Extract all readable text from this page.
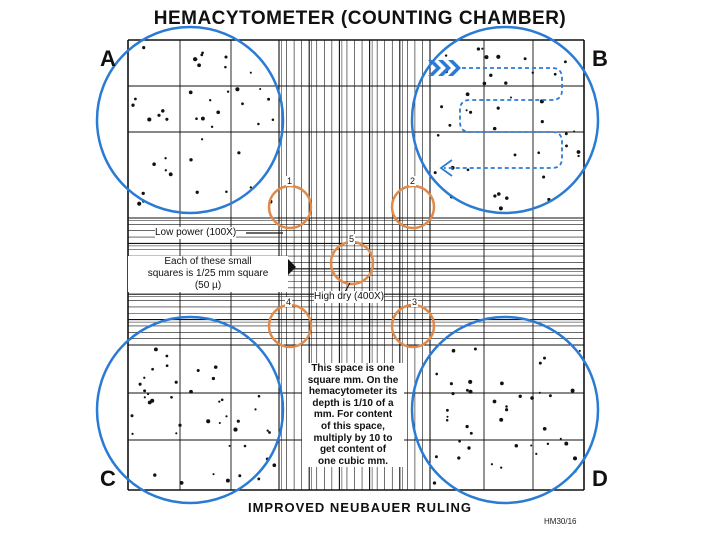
HEMACYTOMETER (COUNTING CHAMBER)
A	B
C	D
Low power (100X)
High dry (400X)
Each of these small
squares is 1/25 mm square
(50 µ)
This space is one
square mm. On the
hemacytometer its
depth is 1/10 of a
mm. For content
of this space,
multiply by 10 to
get content of
one cubic mm.
1	2
3
4
5
IMPROVED NEUBAUER RULING
HM30/16
